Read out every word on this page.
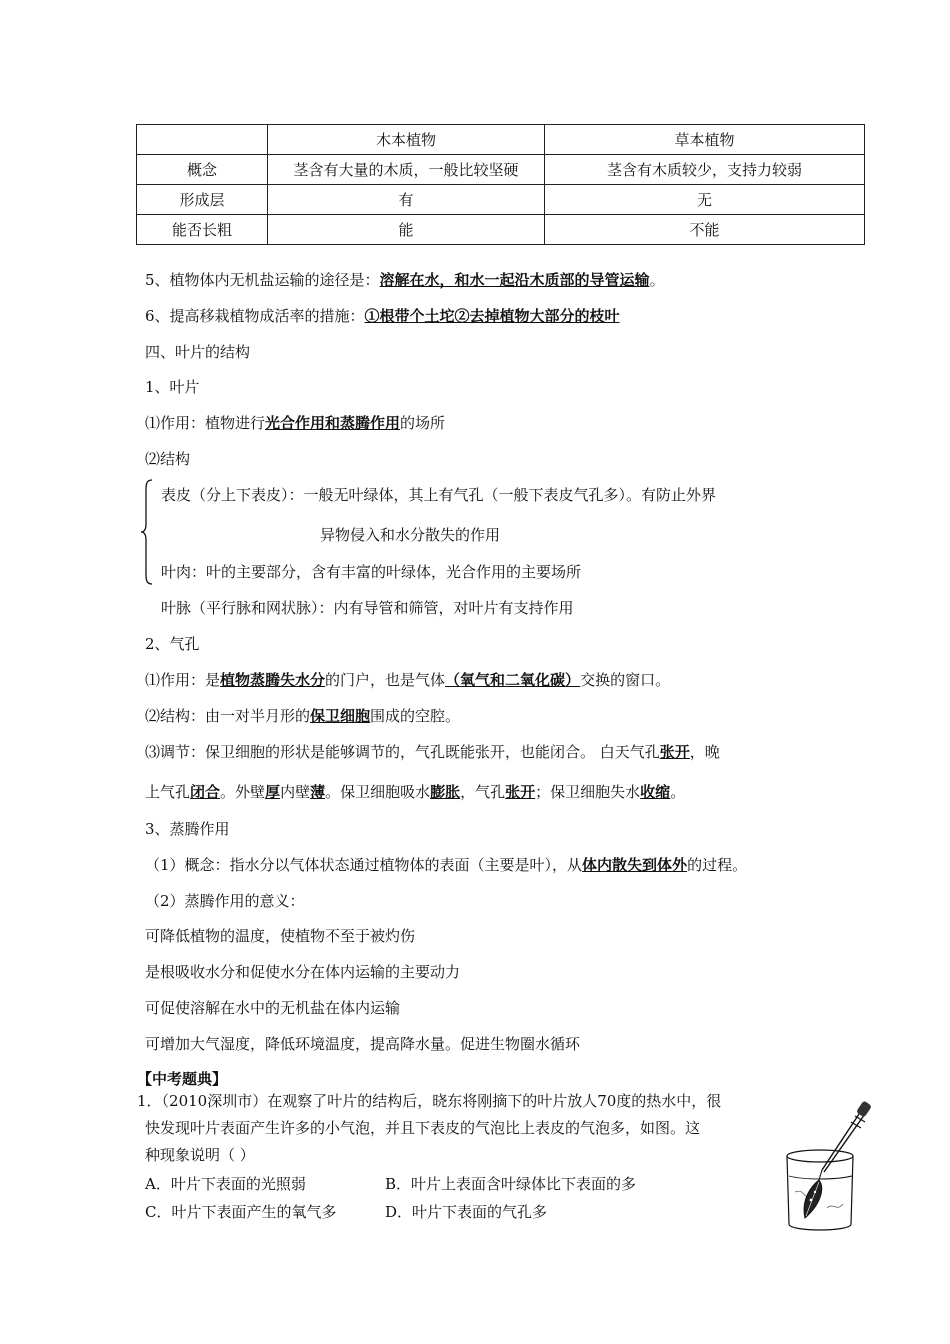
	木本植物	草本植物
概念	茎含有大量的木质，一般比较坚硬	茎含有木质较少，支持力较弱
形成层	有	无
能否长粗	能	不能
5、植物体内无机盐运输的途径是：溶解在水，和水一起沿木质部的导管运输。
6、提高移栽植物成活率的措施：①根带个土坨②去掉植物大部分的枝叶
四、叶片的结构
1、叶片
⑴作用：植物进行光合作用和蒸腾作用的场所
⑵结构
表皮（分上下表皮）：一般无叶绿体，其上有气孔（一般下表皮气孔多）。有防止外界
异物侵入和水分散失的作用
叶肉：叶的主要部分，含有丰富的叶绿体，光合作用的主要场所
叶脉（平行脉和网状脉）：内有导管和筛管，对叶片有支持作用
2、气孔
⑴作用：是植物蒸腾失水分的门户，也是气体（氧气和二氧化碳）交换的窗口。
⑵结构：由一对半月形的保卫细胞围成的空腔。
⑶调节：保卫细胞的形状是能够调节的，气孔既能张开，也能闭合。 白天气孔张开，晚
上气孔闭合。外壁厚内壁薄。保卫细胞吸水膨胀，气孔张开；保卫细胞失水收缩。
3、蒸腾作用
（1）概念：指水分以气体状态通过植物体的表面（主要是叶），从体内散失到体外的过程。
（2）蒸腾作用的意义：
可降低植物的温度，使植物不至于被灼伤
是根吸收水分和促使水分在体内运输的主要动力
可促使溶解在水中的无机盐在体内运输
可增加大气湿度，降低环境温度，提高降水量。促进生物圈水循环
【中考题典】
1．（2010深圳市）在观察了叶片的结构后，晓东将刚摘下的叶片放人70度的热水中，很
快发现叶片表面产生许多的小气泡，并且下表皮的气泡比上表皮的气泡多，如图。这
种现象说明（ ）
A．叶片下表面的光照弱	B．叶片上表面含叶绿体比下表面的多
C．叶片下表面产生的氧气多	D．叶片下表面的气孔多
